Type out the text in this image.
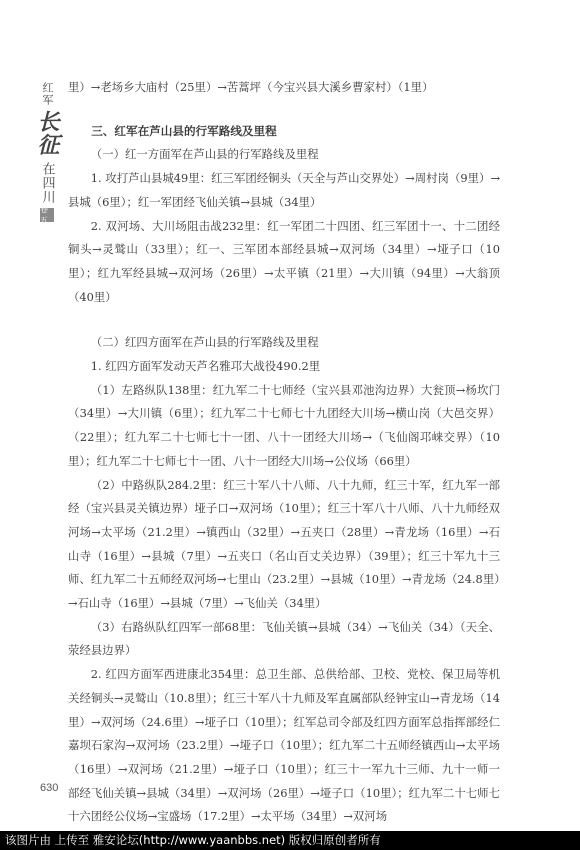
红军
长征
在四川
卷五

里）→老场乡大庙村（25里）→苦蒿坪（今宝兴县大溪乡曹家村）（1里）

三、红军在芦山县的行军路线及里程

（一）红一方面军在芦山县的行军路线及里程

1. 攻打芦山县城49里：红三军团经铜头（天全与芦山交界处）→周村岗（9里）→县城（6里）；红一军团经飞仙关镇→县城（34里）

2. 双河场、大川场阻击战232里：红一军团二十四团、红三军团十一、十二团经铜头→灵鹫山（33里）；红一、三军团本部经县城→双河场（34里）→垭子口（10里）；红九军经县城→双河场（26里）→太平镇（21里）→大川镇（94里）→大翁顶（40里）

（二）红四方面军在芦山县的行军路线及里程

1. 红四方面军发动天芦名雅邛大战役490.2里

（1）左路纵队138里：红九军二十七师经（宝兴县邓池沟边界）大瓮顶→杨坎门（34里）→大川镇（6里）；红九军二十七师七十九团经大川场→横山岗（大邑交界）（22里）；红九军二十七师七十一团、八十一团经大川场→（飞仙阁邛崃交界）（10里）；红九军二十七师七十一团、八十一团经大川场→公仪场（66里）

（2）中路纵队284.2里：红三十军八十八师、八十九师，红三十军，红九军一部经（宝兴县灵关镇边界）垭子口→双河场（10里）；红三十军八十八师、八十九师经双河场→太平场（21.2里）→镇西山（32里）→五夹口（28里）→青龙场（16里）→石山寺（16里）→县城（7里）→五夹口（名山百丈关边界）（39里）；红三十军九十三师、红九军二十五师经双河场→七里山（23.2里）→县城（10里）→青龙场（24.8里）→石山寺（16里）→县城（7里）→飞仙关（34里）

（3）右路纵队红四军一部68里：飞仙关镇→县城（34）→飞仙关（34）（天全、荥经县边界）

2. 红四方面军西进康北354里：总卫生部、总供给部、卫校、党校、保卫局等机关经铜头→灵鹫山（10.8里）；红三十军八十九师及军直属部队经钟宝山→青龙场（14里）→双河场（24.6里）→垭子口（10里）；红军总司令部及红四方面军总指挥部经仁嘉坝石家沟→双河场（23.2里）→垭子口（10里）；红九军二十五师经镇西山→太平场（16里）→双河场（21.2里）→垭子口（10里）；红三十一军九十三师、九十一师一部经飞仙关镇→县城（34里）→双河场（26里）→垭子口（10里）；红九军二十七师七十六团经公仪场→宝盛场（17.2里）→太平场（34里）→双河场

630
该图片由 上传至 雅安论坛(http://www.yaanbbs.net) 版权归原创者所有
